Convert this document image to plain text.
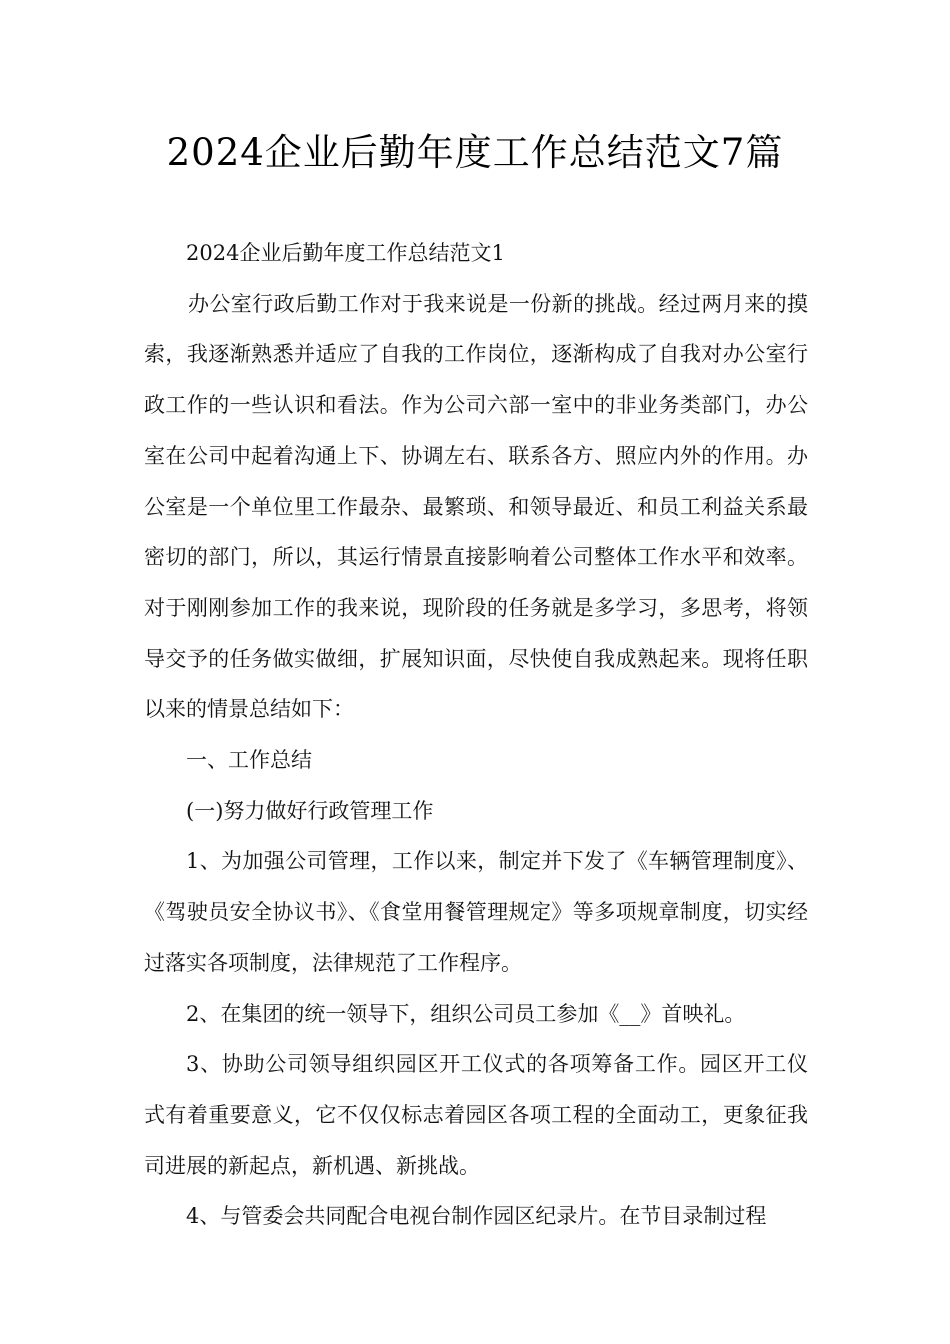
2024企业后勤年度工作总结范文7篇

2024企业后勤年度工作总结范文1

办公室行政后勤工作对于我来说是一份新的挑战。经过两月来的摸索，我逐渐熟悉并适应了自我的工作岗位，逐渐构成了自我对办公室行政工作的一些认识和看法。作为公司六部一室中的非业务类部门，办公室在公司中起着沟通上下、协调左右、联系各方、照应内外的作用。办公室是一个单位里工作最杂、最繁琐、和领导最近、和员工利益关系最密切的部门，所以，其运行情景直接影响着公司整体工作水平和效率。对于刚刚参加工作的我来说，现阶段的任务就是多学习，多思考，将领导交予的任务做实做细，扩展知识面，尽快使自我成熟起来。现将任职以来的情景总结如下：

一、工作总结

(一)努力做好行政管理工作

1、为加强公司管理，工作以来，制定并下发了《车辆管理制度》、《驾驶员安全协议书》、《食堂用餐管理规定》等多项规章制度，切实经过落实各项制度，法律规范了工作程序。

2、在集团的统一领导下，组织公司员工参加《__》首映礼。

3、协助公司领导组织园区开工仪式的各项筹备工作。园区开工仪式有着重要意义，它不仅仅标志着园区各项工程的全面动工，更象征我司进展的新起点，新机遇、新挑战。

4、与管委会共同配合电视台制作园区纪录片。在节目录制过程
